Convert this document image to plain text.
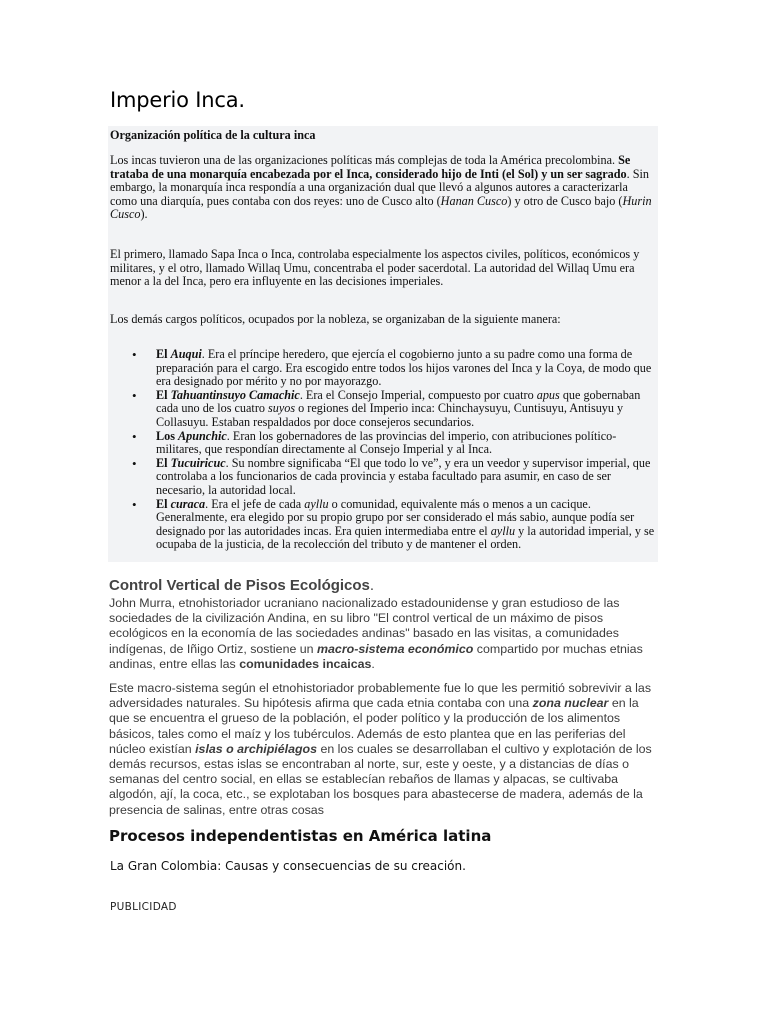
Imperio Inca.
Organización política de la cultura inca
Los incas tuvieron una de las organizaciones políticas más complejas de toda la América precolombina. Se trataba de una monarquía encabezada por el Inca, considerado hijo de Inti (el Sol) y un ser sagrado. Sin embargo, la monarquía inca respondía a una organización dual que llevó a algunos autores a caracterizarla como una diarquía, pues contaba con dos reyes: uno de Cusco alto (Hanan Cusco) y otro de Cusco bajo (Hurin Cusco).
El primero, llamado Sapa Inca o Inca, controlaba especialmente los aspectos civiles, políticos, económicos y militares, y el otro, llamado Willaq Umu, concentraba el poder sacerdotal. La autoridad del Willaq Umu era menor a la del Inca, pero era influyente en las decisiones imperiales.
Los demás cargos políticos, ocupados por la nobleza, se organizaban de la siguiente manera:
• El Auqui. Era el príncipe heredero, que ejercía el cogobierno junto a su padre como una forma de preparación para el cargo. Era escogido entre todos los hijos varones del Inca y la Coya, de modo que era designado por mérito y no por mayorazgo.
• El Tahuantinsuyo Camachic. Era el Consejo Imperial, compuesto por cuatro apus que gobernaban cada uno de los cuatro suyos o regiones del Imperio inca: Chinchaysuyu, Cuntisuyu, Antisuyu y Collasuyu. Estaban respaldados por doce consejeros secundarios.
• Los Apunchic. Eran los gobernadores de las provincias del imperio, con atribuciones político-militares, que respondían directamente al Consejo Imperial y al Inca.
• El Tucuiricuc. Su nombre significaba “El que todo lo ve”, y era un veedor y supervisor imperial, que controlaba a los funcionarios de cada provincia y estaba facultado para asumir, en caso de ser necesario, la autoridad local.
• El curaca. Era el jefe de cada ayllu o comunidad, equivalente más o menos a un cacique. Generalmente, era elegido por su propio grupo por ser considerado el más sabio, aunque podía ser designado por las autoridades incas. Era quien intermediaba entre el ayllu y la autoridad imperial, y se ocupaba de la justicia, de la recolección del tributo y de mantener el orden.
Control Vertical de Pisos Ecológicos.
John Murra, etnohistoriador ucraniano nacionalizado estadounidense y gran estudioso de las sociedades de la civilización Andina, en su libro "El control vertical de un máximo de pisos ecológicos en la economía de las sociedades andinas" basado en las visitas, a comunidades indígenas, de Iñigo Ortiz, sostiene un macro-sistema económico compartido por muchas etnias andinas, entre ellas las comunidades incaicas.
Este macro-sistema según el etnohistoriador probablemente fue lo que les permitió sobrevivir a las adversidades naturales. Su hipótesis afirma que cada etnia contaba con una zona nuclear en la que se encuentra el grueso de la población, el poder político y la producción de los alimentos básicos, tales como el maíz y los tubérculos. Además de esto plantea que en las periferias del núcleo existían islas o archipiélagos en los cuales se desarrollaban el cultivo y explotación de los demás recursos, estas islas se encontraban al norte, sur, este y oeste, y a distancias de días o semanas del centro social, en ellas se establecían rebaños de llamas y alpacas, se cultivaba algodón, ají, la coca, etc., se explotaban los bosques para abastecerse de madera, además de la presencia de salinas, entre otras cosas
Procesos independentistas en América latina
La Gran Colombia: Causas y consecuencias de su creación.
PUBLICIDAD
